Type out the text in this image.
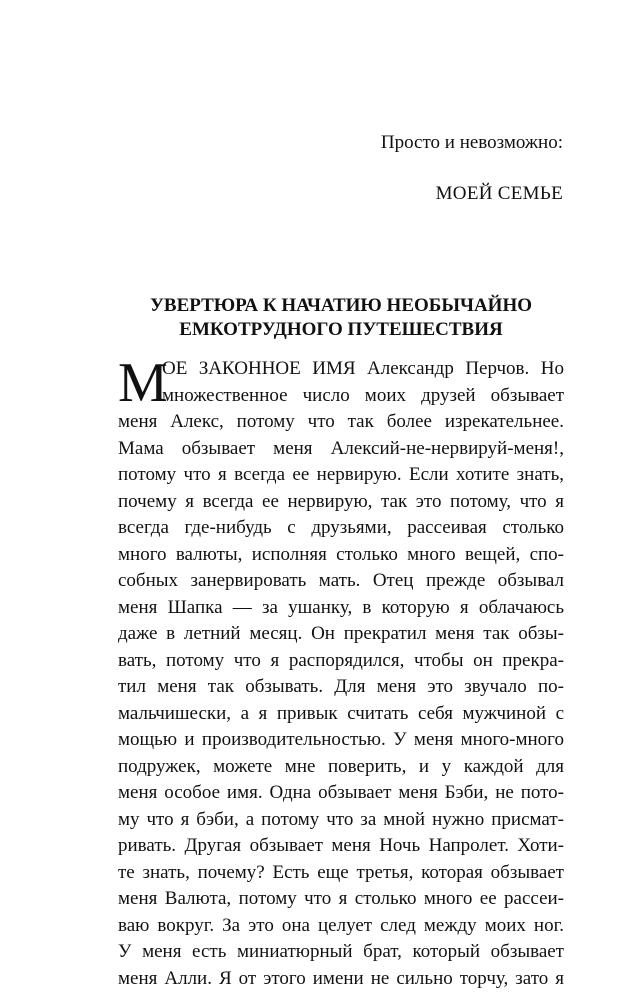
Просто и невозможно:
МОЕЙ СЕМЬЕ
УВЕРТЮРА К НАЧАТИЮ НЕОБЫЧАЙНО
ЕМКОТРУДНОГО ПУТЕШЕСТВИЯ
М
ОЕ ЗАКОННОЕ ИМЯ Александр Перчов. Но
множественное число моих друзей обзывает
меня Алекс, потому что так более изрекательнее.
Мама обзывает меня Алексий-не-нервируй-меня!,
потому что я всегда ее нервирую. Если хотите знать,
почему я всегда ее нервирую, так это потому, что я
всегда где-нибудь с друзьями, рассеивая столько
много валюты, исполняя столько много вещей, спо-
собных занервировать мать. Отец прежде обзывал
меня Шапка — за ушанку, в которую я облачаюсь
даже в летний месяц. Он прекратил меня так обзы-
вать, потому что я распорядился, чтобы он прекра-
тил меня так обзывать. Для меня это звучало по-
мальчишески, а я привык считать себя мужчиной с
мощью и производительностью. У меня много-много
подружек, можете мне поверить, и у каждой для
меня особое имя. Одна обзывает меня Бэби, не пото-
му что я бэби, а потому что за мной нужно присмат-
ривать. Другая обзывает меня Ночь Напролет. Хоти-
те знать, почему? Есть еще третья, которая обзывает
меня Валюта, потому что я столько много ее рассеи-
ваю вокруг. За это она целует след между моих ног.
У меня есть миниатюрный брат, который обзывает
меня Алли. Я от этого имени не сильно торчу, зато я
